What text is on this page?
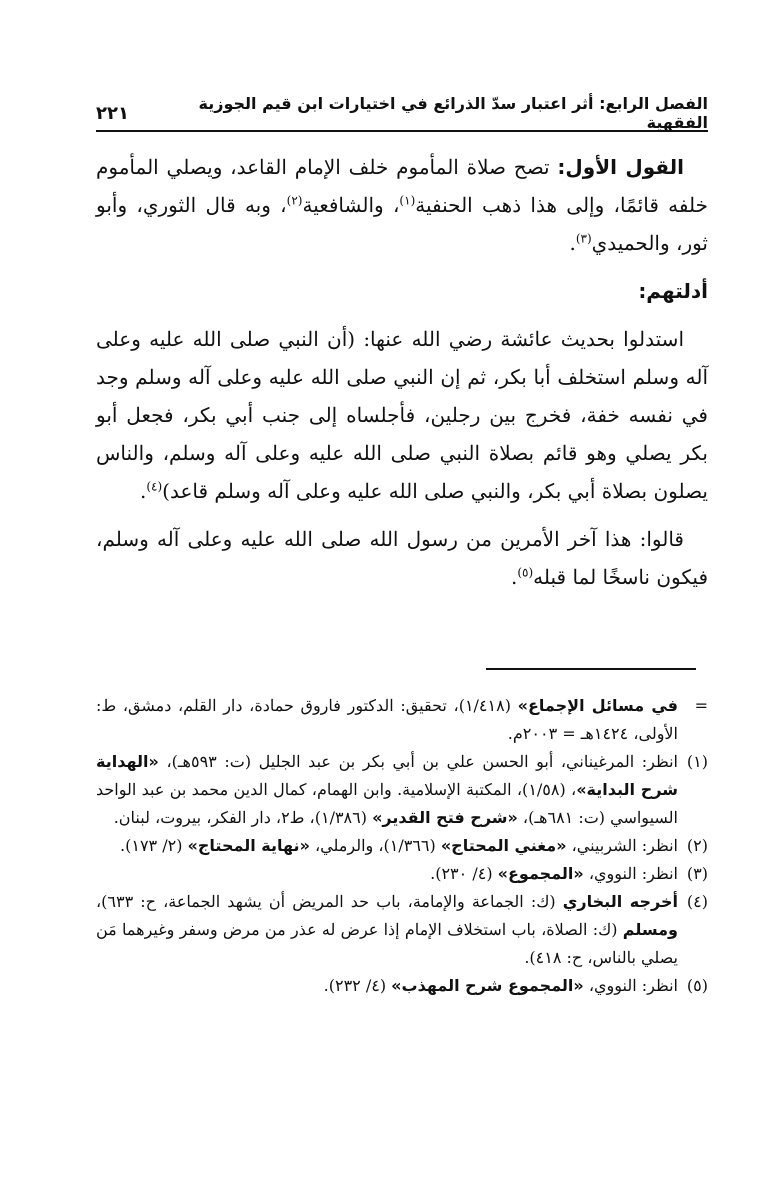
الفصل الرابع: أثر اعتبار سدّ الذرائع في اختيارات ابن قيم الجوزية الفقهية
٢٢١

القول الأول: تصح صلاة المأموم خلف الإمام القاعد، ويصلي المأموم خلفه قائمًا، وإلى هذا ذهب الحنفية$^{(١)}$، والشافعية$^{(٢)}$، وبه قال الثوري، وأبو ثور، والحميدي$^{(٣)}$.

أدلتهم:

استدلوا بحديث عائشة رضي الله عنها: (أن النبي صلى الله عليه وعلى آله وسلم استخلف أبا بكر، ثم إن النبي صلى الله عليه وعلى آله وسلم وجد في نفسه خفة، فخرج بين رجلين، فأجلساه إلى جنب أبي بكر، فجعل أبو بكر يصلي وهو قائم بصلاة النبي صلى الله عليه وعلى آله وسلم، والناس يصلون بصلاة أبي بكر، والنبي صلى الله عليه وعلى آله وسلم قاعد)$^{(٤)}$.

قالوا: هذا آخر الأمرين من رسول الله صلى الله عليه وعلى آله وسلم، فيكون ناسخًا لما قبله$^{(٥)}$.

=
في مسائل الإجماع» (١/٤١٨)، تحقيق: الدكتور فاروق حمادة، دار القلم، دمشق، ط: الأولى، ١٤٢٤هـ = ٢٠٠٣م.
(١)
انظر: المرغيناني، أبو الحسن علي بن أبي بكر بن عبد الجليل (ت: ٥٩٣هـ)، «الهداية شرح البداية»، (١/٥٨)، المكتبة الإسلامية. وابن الهمام، كمال الدين محمد بن عبد الواحد السيواسي (ت: ٦٨١هـ)، «شرح فتح القدير» (١/٣٨٦)، ط٢، دار الفكر، بيروت، لبنان.
(٢)
انظر: الشربيني، «مغني المحتاج» (١/٣٦٦)، والرملي، «نهاية المحتاج» (٢/ ١٧٣).
(٣)
انظر: النووي، «المجموع» (٤/ ٢٣٠).
(٤)
أخرجه البخاري (ك: الجماعة والإمامة، باب حد المريض أن يشهد الجماعة، ح: ٦٣٣)، ومسلم (ك: الصلاة، باب استخلاف الإمام إذا عرض له عذر من مرض وسفر وغيرهما مَن يصلي بالناس، ح: ٤١٨).
(٥)
انظر: النووي، «المجموع شرح المهذب» (٤/ ٢٣٢).
